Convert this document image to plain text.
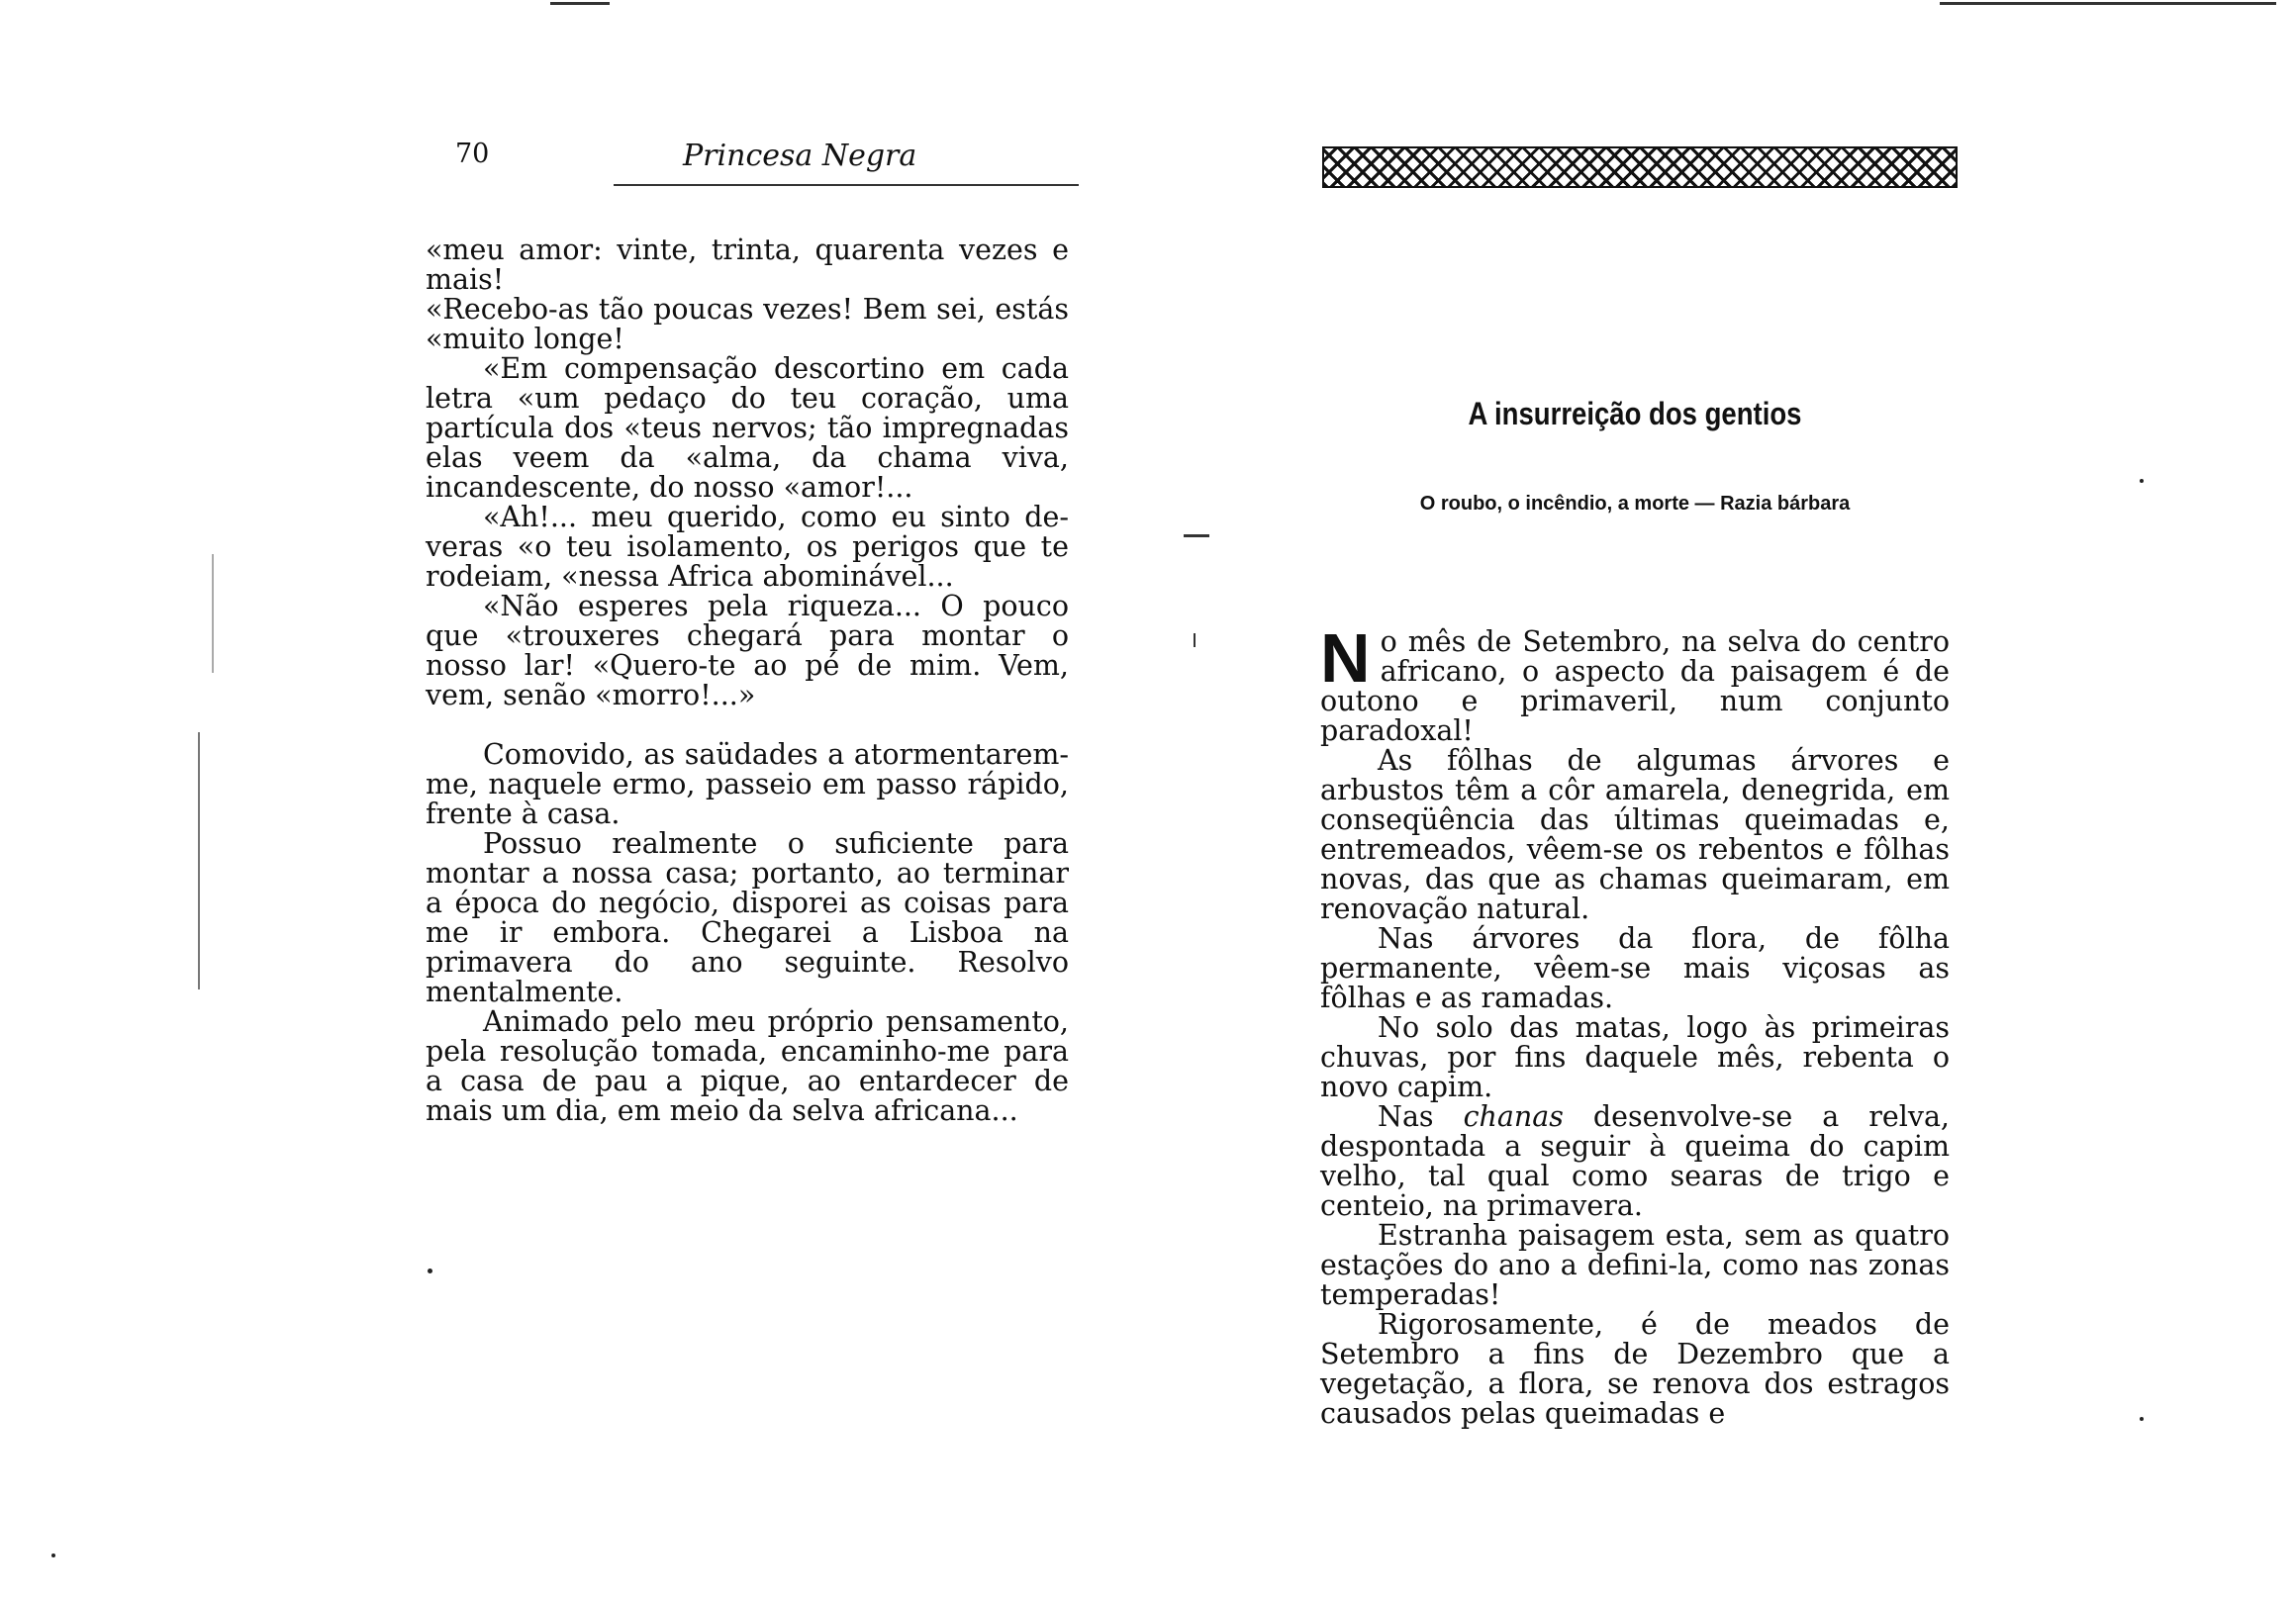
70	Princesa Negra

«meu amor: vinte, trinta, quarenta vezes e mais!

«Recebo-as tão poucas vezes! Bem sei, estás «muito longe!

«Em compensação descortino em cada letra «um pedaço do teu coração, uma partícula dos «teus nervos; tão impregnadas elas veem da «alma, da chama viva, incandescente, do nosso «amor!...

«Ah!... meu querido, como eu sinto de-veras «o teu isolamento, os perigos que te rodeiam, «nessa Africa abominável...

«Não esperes pela riqueza... O pouco que «trouxeres chegará para montar o nosso lar! «Quero-te ao pé de mim. Vem, vem, senão «morro!...»

Comovido, as saüdades a atormentarem-me, naquele ermo, passeio em passo rápido, frente à casa.

Possuo realmente o suficiente para montar a nossa casa; portanto, ao terminar a época do negócio, disporei as coisas para me ir embora. Chegarei a Lisboa na primavera do ano seguinte. Resolvo mentalmente.

Animado pelo meu próprio pensamento, pela resolução tomada, encaminho-me para a casa de pau a pique, ao entardecer de mais um dia, em meio da selva africana...

A insurreição dos gentios
O roubo, o incêndio, a morte — Razia bárbara

No mês de Setembro, na selva do centro africano, o aspecto da paisagem é de outono e primaveril, num conjunto paradoxal!

As fôlhas de algumas árvores e arbustos têm a côr amarela, denegrida, em conseqüência das últimas queimadas e, entremeados, vêem-se os rebentos e fôlhas novas, das que as chamas queimaram, em renovação natural.

Nas árvores da flora, de fôlha permanente, vêem-se mais viçosas as fôlhas e as ramadas.

No solo das matas, logo às primeiras chuvas, por fins daquele mês, rebenta o novo capim.

Nas chanas desenvolve-se a relva, despontada a seguir à queima do capim velho, tal qual como searas de trigo e centeio, na primavera.

Estranha paisagem esta, sem as quatro estações do ano a defini-la, como nas zonas temperadas!

Rigorosamente, é de meados de Setembro a fins de Dezembro que a vegetação, a flora, se renova dos estragos causados pelas queimadas e
